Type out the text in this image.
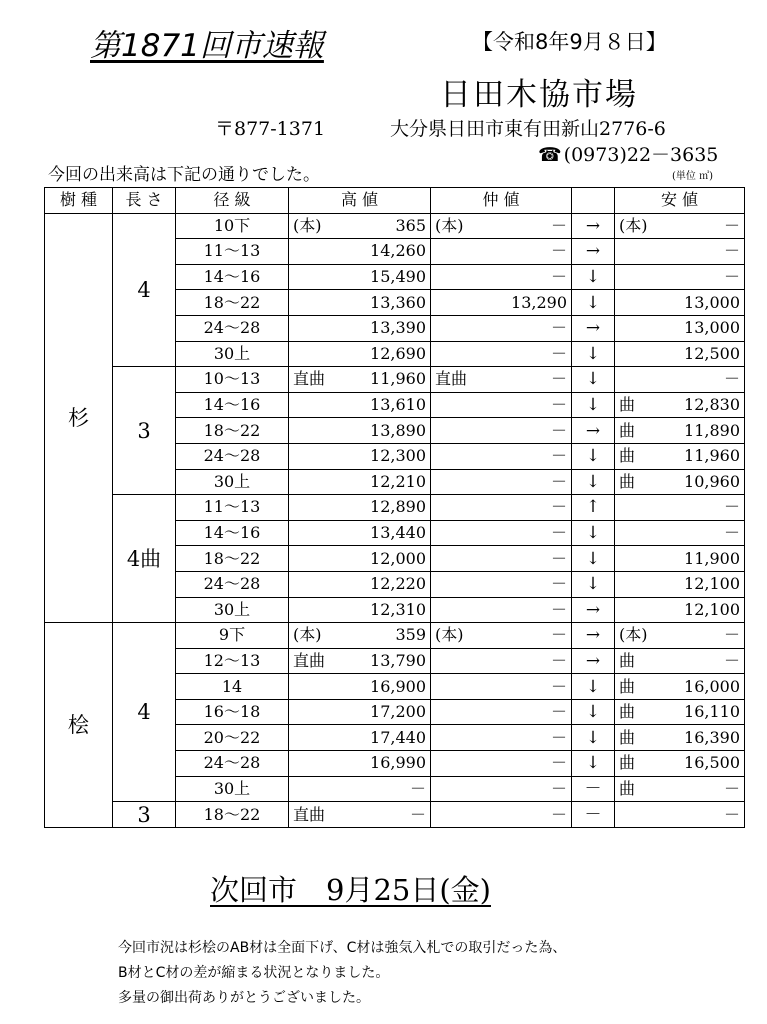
第1871回市速報	【令和8年9月８日】
日田木協市場
〒877-1371	大分県日田市東有田新山2776-6
☎ (0973)22－3635
今回の出来高は下記の通りでした。	(単位 ㎥)
樹 種	長 さ	径 級	高 値	仲 値		安 値
杉	4	10下	(本) 365	(本) －	→	(本) －

		11～13	14,260	－	→	－

		14～16	15,490	－	↓	－

		18～22	13,360	13,290	↓	13,000

		24～28	13,390	－	→	13,000

		30上	12,690	－	↓	12,500

	3	10～13	直曲 11,960	直曲 －	↓	－

		14～16	13,610	－	↓	曲 12,830

		18～22	13,890	－	→	曲 11,890

		24～28	12,300	－	↓	曲 11,960

		30上	12,210	－	↓	曲 10,960

	4曲	11～13	12,890	－	↑	－

		14～16	13,440	－	↓	－

		18～22	12,000	－	↓	11,900

		24～28	12,220	－	↓	12,100

		30上	12,310	－	→	12,100

桧	4	9下	(本) 359	(本) －	→	(本) －

		12～13	直曲 13,790	－	→	曲 －

		14	16,900	－	↓	曲 16,000

		16～18	17,200	－	↓	曲 16,110

		20～22	17,440	－	↓	曲 16,390

		24～28	16,990	－	↓	曲 16,500

		30上	－	－	－	曲 －

	3	18～22	直曲 －	－	－	－
次回市　9月25日(金)
今回市況は杉桧のAB材は全面下げ、C材は強気入札での取引だった為、
B材とC材の差が縮まる状況となりました。
多量の御出荷ありがとうございました。
